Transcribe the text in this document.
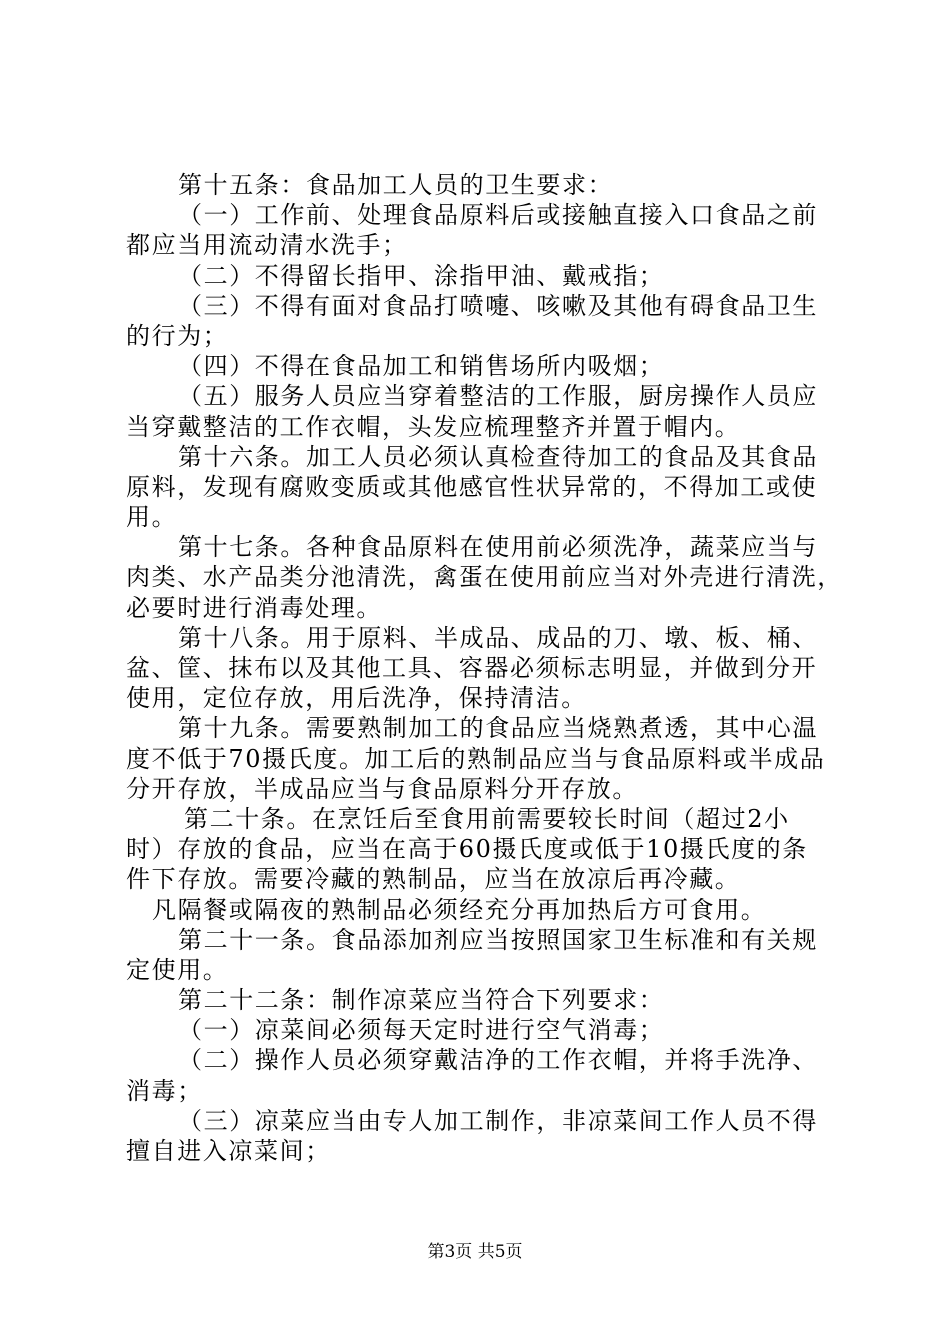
第十五条：食品加工人员的卫生要求：
（一）工作前、处理食品原料后或接触直接入口食品之前
都应当用流动清水洗手；
（二）不得留长指甲、涂指甲油、戴戒指；
（三）不得有面对食品打喷嚏、咳嗽及其他有碍食品卫生
的行为；
（四）不得在食品加工和销售场所内吸烟；
（五）服务人员应当穿着整洁的工作服，厨房操作人员应
当穿戴整洁的工作衣帽，头发应梳理整齐并置于帽内。
第十六条。加工人员必须认真检查待加工的食品及其食品
原料，发现有腐败变质或其他感官性状异常的，不得加工或使
用。
第十七条。各种食品原料在使用前必须洗净，蔬菜应当与
肉类、水产品类分池清洗，禽蛋在使用前应当对外壳进行清洗，
必要时进行消毒处理。
第十八条。用于原料、半成品、成品的刀、墩、板、桶、
盆、筐、抹布以及其他工具、容器必须标志明显，并做到分开
使用，定位存放，用后洗净，保持清洁。
第十九条。需要熟制加工的食品应当烧熟煮透，其中心温
度不低于70摄氏度。加工后的熟制品应当与食品原料或半成品
分开存放，半成品应当与食品原料分开存放。
第二十条。在烹饪后至食用前需要较长时间（超过2小
时）存放的食品，应当在高于60摄氏度或低于10摄氏度的条
件下存放。需要冷藏的熟制品，应当在放凉后再冷藏。
凡隔餐或隔夜的熟制品必须经充分再加热后方可食用。
第二十一条。食品添加剂应当按照国家卫生标准和有关规
定使用。
第二十二条：制作凉菜应当符合下列要求：
（一）凉菜间必须每天定时进行空气消毒；
（二）操作人员必须穿戴洁净的工作衣帽，并将手洗净、
消毒；
（三）凉菜应当由专人加工制作，非凉菜间工作人员不得
擅自进入凉菜间；
第3页 共5页
